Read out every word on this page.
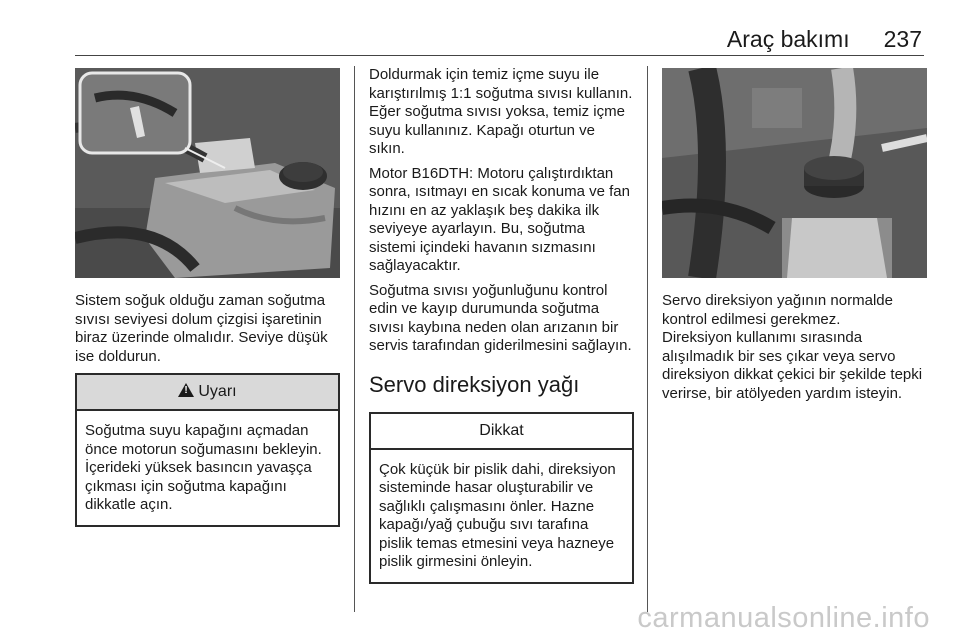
Araç bakımı 237

Sistem soğuk olduğu zaman soğutma sıvısı seviyesi dolum çizgisi işaretinin biraz üzerinde olmalıdır. Seviye düşük ise doldurun.

!Uyarı

Soğutma suyu kapağını açmadan önce motorun soğumasını bekleyin. İçerideki yüksek basıncın yavaşça çıkması için soğutma kapağını dikkatle açın.

Doldurmak için temiz içme suyu ile karıştırılmış 1:1 soğutma sıvısı kullanın. Eğer soğutma sıvısı yoksa, temiz içme suyu kullanınız. Kapağı oturtun ve sıkın.

Motor B16DTH: Motoru çalıştırdıktan sonra, ısıtmayı en sıcak konuma ve fan hızını en az yaklaşık beş dakika ilk seviyeye ayarlayın. Bu, soğutma sistemi içindeki havanın sızmasını sağlayacaktır.

Soğutma sıvısı yoğunluğunu kontrol edin ve kayıp durumunda soğutma sıvısı kaybına neden olan arızanın bir servis tarafından giderilmesini sağlayın.

Servo direksiyon yağı
Dikkat

Çok küçük bir pislik dahi, direksiyon sisteminde hasar oluşturabilir ve sağlıklı çalışmasını önler. Hazne kapağı/yağ çubuğu sıvı tarafına pislik temas etmesini veya hazneye pislik girmesini önleyin.

Servo direksiyon yağının normalde kontrol edilmesi gerekmez.

Direksiyon kullanımı sırasında alışılmadık bir ses çıkar veya servo direksiyon dikkat çekici bir şekilde tepki verirse, bir atölyeden yardım isteyin.

carmanualsonline.info
